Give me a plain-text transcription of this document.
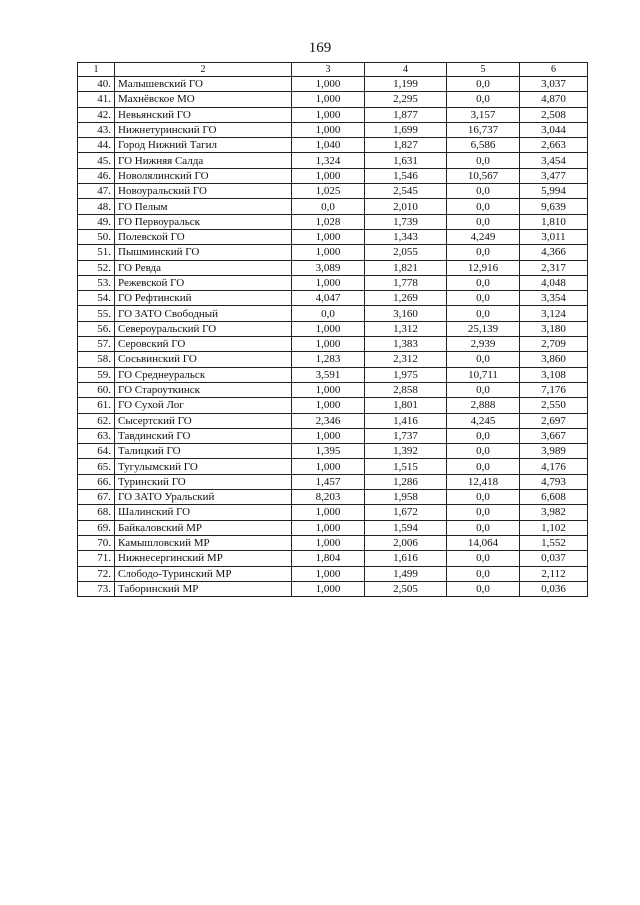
169
1	2	3	4	5	6
40.	Малышевский ГО	1,000	1,199	0,0	3,037
41.	Махнёвское МО	1,000	2,295	0,0	4,870
42.	Невьянский ГО	1,000	1,877	3,157	2,508
43.	Нижнетуринский ГО	1,000	1,699	16,737	3,044
44.	Город Нижний Тагил	1,040	1,827	6,586	2,663
45.	ГО Нижняя Салда	1,324	1,631	0,0	3,454
46.	Новолялинский ГО	1,000	1,546	10,567	3,477
47.	Новоуральский ГО	1,025	2,545	0,0	5,994
48.	ГО Пелым	0,0	2,010	0,0	9,639
49.	ГО Первоуральск	1,028	1,739	0,0	1,810
50.	Полевской ГО	1,000	1,343	4,249	3,011
51.	Пышминский ГО	1,000	2,055	0,0	4,366
52.	ГО Ревда	3,089	1,821	12,916	2,317
53.	Режевской ГО	1,000	1,778	0,0	4,048
54.	ГО Рефтинский	4,047	1,269	0,0	3,354
55.	ГО ЗАТО Свободный	0,0	3,160	0,0	3,124
56.	Североуральский ГО	1,000	1,312	25,139	3,180
57.	Серовский ГО	1,000	1,383	2,939	2,709
58.	Сосьвинский ГО	1,283	2,312	0,0	3,860
59.	ГО Среднеуральск	3,591	1,975	10,711	3,108
60.	ГО Староуткинск	1,000	2,858	0,0	7,176
61.	ГО Сухой Лог	1,000	1,801	2,888	2,550
62.	Сысертский ГО	2,346	1,416	4,245	2,697
63.	Тавдинский ГО	1,000	1,737	0,0	3,667
64.	Талицкий ГО	1,395	1,392	0,0	3,989
65.	Тугулымский ГО	1,000	1,515	0,0	4,176
66.	Туринский ГО	1,457	1,286	12,418	4,793
67.	ГО ЗАТО Уральский	8,203	1,958	0,0	6,608
68.	Шалинский ГО	1,000	1,672	0,0	3,982
69.	Байкаловский МР	1,000	1,594	0,0	1,102
70.	Камышловский МР	1,000	2,006	14,064	1,552
71.	Нижнесергинский МР	1,804	1,616	0,0	0,037
72.	Слободо-Туринский МР	1,000	1,499	0,0	2,112
73.	Таборинский МР	1,000	2,505	0,0	0,036
